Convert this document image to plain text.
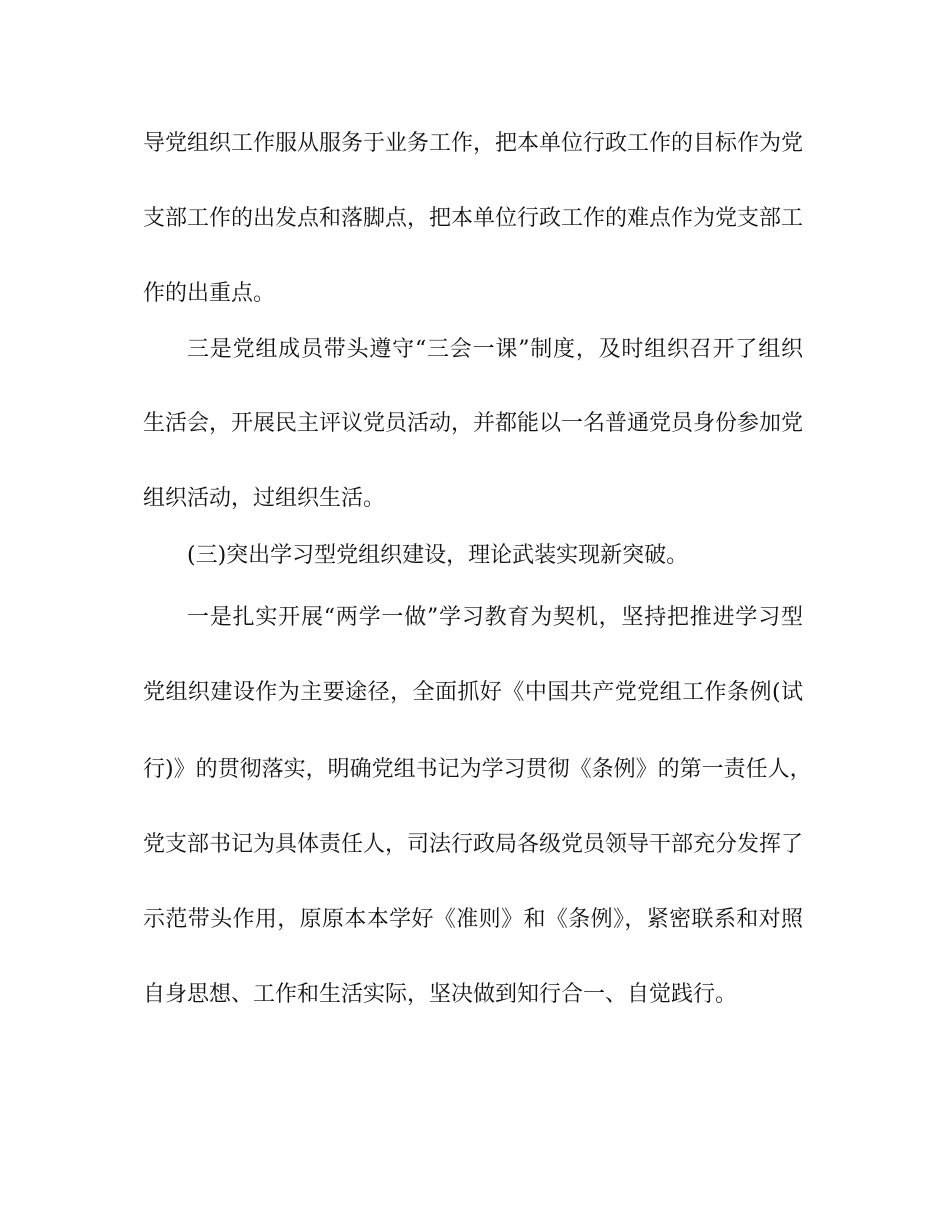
导党组织工作服从服务于业务工作，把本单位行政工作的目标作为党
支部工作的出发点和落脚点，把本单位行政工作的难点作为党支部工
作的出重点。
三是党组成员带头遵守“三会一课”制度，及时组织召开了组织
生活会，开展民主评议党员活动，并都能以一名普通党员身份参加党
组织活动，过组织生活。
(三)突出学习型党组织建设，理论武装实现新突破。
一是扎实开展“两学一做”学习教育为契机，坚持把推进学习型
党组织建设作为主要途径，全面抓好《中国共产党党组工作条例(试
行)》的贯彻落实，明确党组书记为学习贯彻《条例》的第一责任人，
党支部书记为具体责任人，司法行政局各级党员领导干部充分发挥了
示范带头作用，原原本本学好《准则》和《条例》，紧密联系和对照
自身思想、工作和生活实际，坚决做到知行合一、自觉践行。
